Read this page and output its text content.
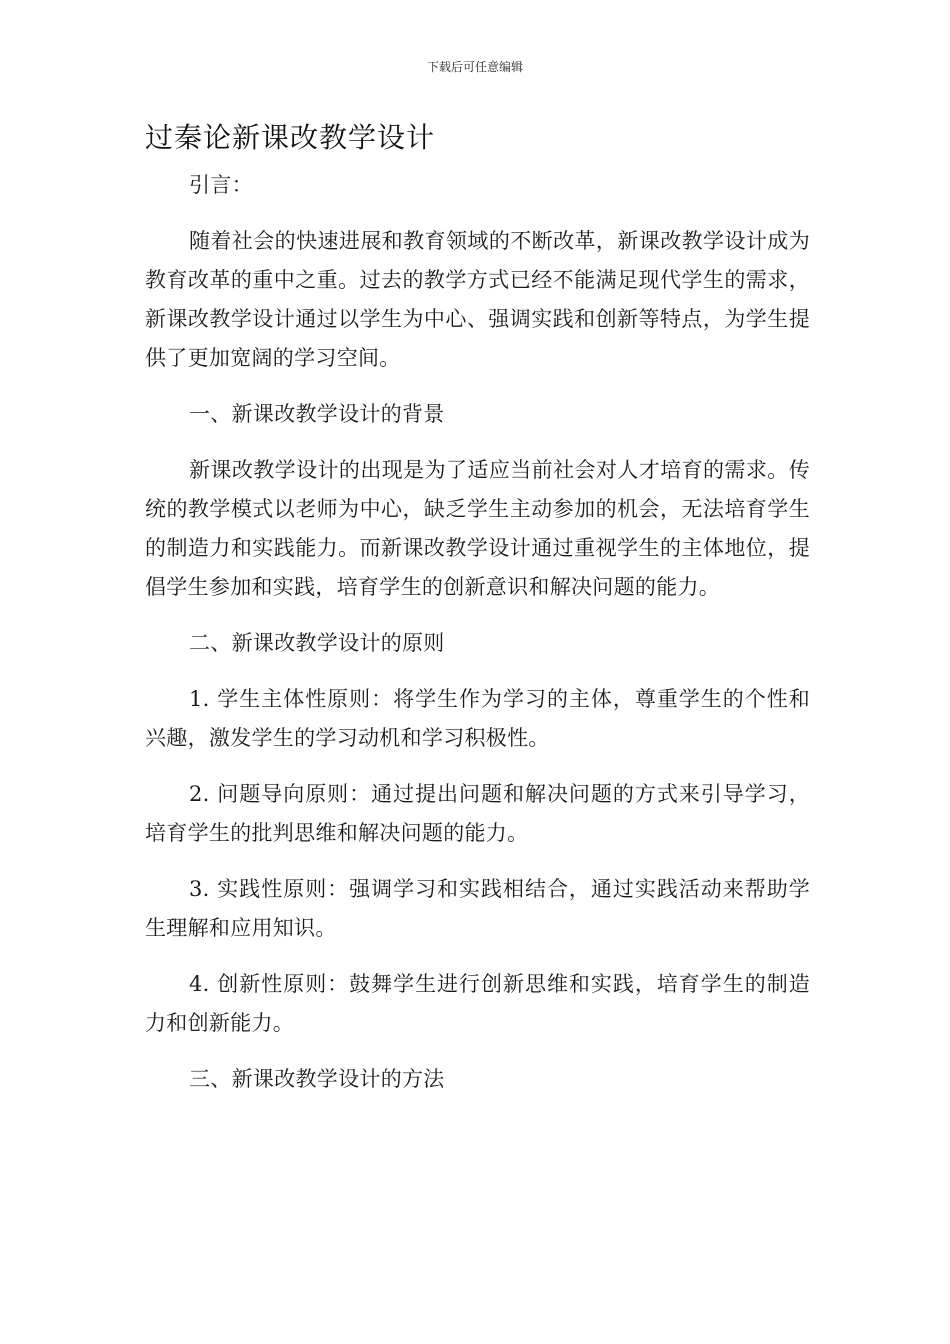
下载后可任意编辑
过秦论新课改教学设计

引言：

随着社会的快速进展和教育领域的不断改革，新课改教学设计成为教育改革的重中之重。过去的教学方式已经不能满足现代学生的需求，新课改教学设计通过以学生为中心、强调实践和创新等特点，为学生提供了更加宽阔的学习空间。

一、新课改教学设计的背景

新课改教学设计的出现是为了适应当前社会对人才培育的需求。传统的教学模式以老师为中心，缺乏学生主动参加的机会，无法培育学生的制造力和实践能力。而新课改教学设计通过重视学生的主体地位，提倡学生参加和实践，培育学生的创新意识和解决问题的能力。

二、新课改教学设计的原则

1. 学生主体性原则：将学生作为学习的主体，尊重学生的个性和兴趣，激发学生的学习动机和学习积极性。

2. 问题导向原则：通过提出问题和解决问题的方式来引导学习，培育学生的批判思维和解决问题的能力。

3. 实践性原则：强调学习和实践相结合，通过实践活动来帮助学生理解和应用知识。

4. 创新性原则：鼓舞学生进行创新思维和实践，培育学生的制造力和创新能力。

三、新课改教学设计的方法
